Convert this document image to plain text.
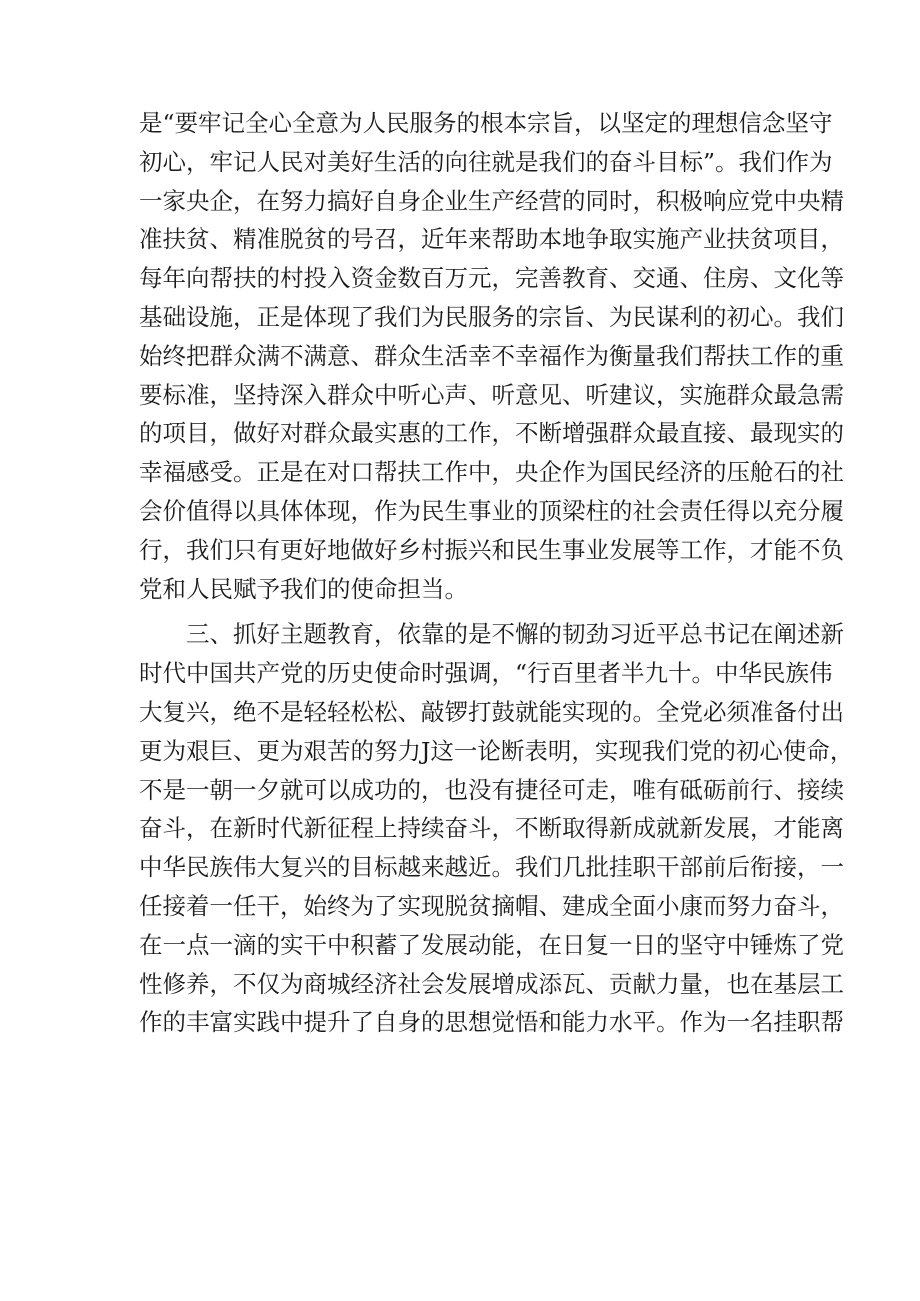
是“要牢记全心全意为人民服务的根本宗旨，以坚定的理想信念坚守
初心，牢记人民对美好生活的向往就是我们的奋斗目标”。我们作为
一家央企，在努力搞好自身企业生产经营的同时，积极响应党中央精
准扶贫、精准脱贫的号召，近年来帮助本地争取实施产业扶贫项目，
每年向帮扶的村投入资金数百万元，完善教育、交通、住房、文化等
基础设施，正是体现了我们为民服务的宗旨、为民谋利的初心。我们
始终把群众满不满意、群众生活幸不幸福作为衡量我们帮扶工作的重
要标准，坚持深入群众中听心声、听意见、听建议，实施群众最急需
的项目，做好对群众最实惠的工作，不断增强群众最直接、最现实的
幸福感受。正是在对口帮扶工作中，央企作为国民经济的压舱石的社
会价值得以具体体现，作为民生事业的顶梁柱的社会责任得以充分履
行，我们只有更好地做好乡村振兴和民生事业发展等工作，才能不负
党和人民赋予我们的使命担当。
三、抓好主题教育，依靠的是不懈的韧劲习近平总书记在阐述新
时代中国共产党的历史使命时强调，“行百里者半九十。中华民族伟
大复兴，绝不是轻轻松松、敲锣打鼓就能实现的。全党必须准备付出
更为艰巨、更为艰苦的努力J这一论断表明，实现我们党的初心使命，
不是一朝一夕就可以成功的，也没有捷径可走，唯有砥砺前行、接续
奋斗，在新时代新征程上持续奋斗，不断取得新成就新发展，才能离
中华民族伟大复兴的目标越来越近。我们几批挂职干部前后衔接，一
任接着一任干，始终为了实现脱贫摘帽、建成全面小康而努力奋斗，
在一点一滴的实干中积蓄了发展动能，在日复一日的坚守中锤炼了党
性修养，不仅为商城经济社会发展增成添瓦、贡献力量，也在基层工
作的丰富实践中提升了自身的思想觉悟和能力水平。作为一名挂职帮
